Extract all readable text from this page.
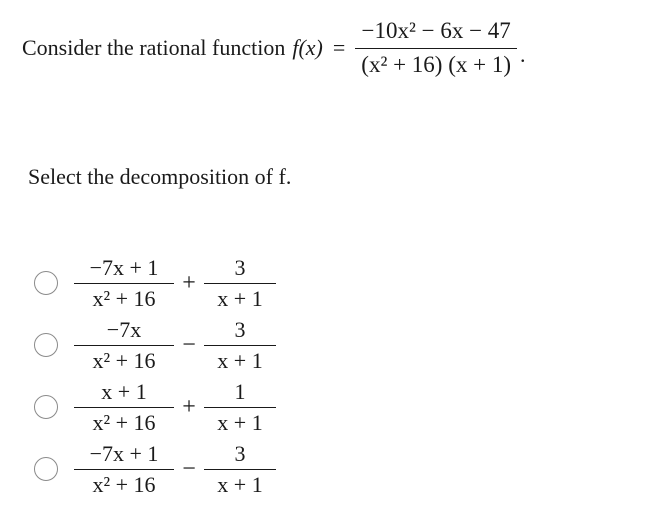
Consider the rational function $f(x) = \frac{\text{−10x² − 6x − 47}}{\text{(x² + 16) (x + 1)}}$ .
Select the decomposition of f.
$\frac{-7x + 1}{\text{x² + 16}} + \frac{3}{x + 1}$
$\frac{-7x}{\text{x² + 16}} - \frac{3}{x + 1}$
$\frac{x + 1}{\text{x² + 16}} + \frac{1}{x + 1}$
$\frac{-7x + 1}{\text{x² + 16}} - \frac{3}{x + 1}$
